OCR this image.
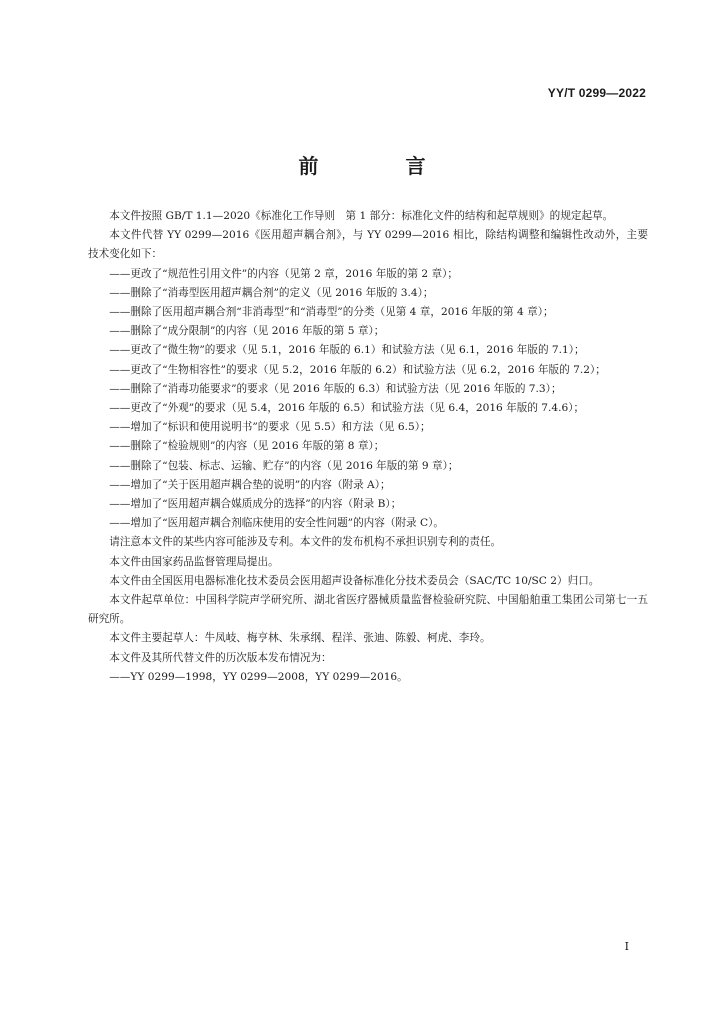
YY/T 0299—2022
前 言

本文件按照 GB/T 1.1—2020《标准化工作导则　第 1 部分：标准化文件的结构和起草规则》的规定起草。

本文件代替 YY 0299—2016《医用超声耦合剂》，与 YY 0299—2016 相比，除结构调整和编辑性改动外，主要技术变化如下：

——更改了“规范性引用文件”的内容（见第 2 章，2016 年版的第 2 章）；

——删除了“消毒型医用超声耦合剂”的定义（见 2016 年版的 3.4）；

——删除了医用超声耦合剂“非消毒型”和“消毒型”的分类（见第 4 章，2016 年版的第 4 章）；

——删除了“成分限制”的内容（见 2016 年版的第 5 章）；

——更改了“微生物”的要求（见 5.1，2016 年版的 6.1）和试验方法（见 6.1，2016 年版的 7.1）；

——更改了“生物相容性”的要求（见 5.2，2016 年版的 6.2）和试验方法（见 6.2，2016 年版的 7.2）；

——删除了“消毒功能要求”的要求（见 2016 年版的 6.3）和试验方法（见 2016 年版的 7.3）；

——更改了“外观”的要求（见 5.4，2016 年版的 6.5）和试验方法（见 6.4，2016 年版的 7.4.6）；

——增加了“标识和使用说明书”的要求（见 5.5）和方法（见 6.5）；

——删除了“检验规则”的内容（见 2016 年版的第 8 章）；

——删除了“包装、标志、运输、贮存”的内容（见 2016 年版的第 9 章）；

——增加了“关于医用超声耦合垫的说明”的内容（附录 A）；

——增加了“医用超声耦合媒质成分的选择”的内容（附录 B）；

——增加了“医用超声耦合剂临床使用的安全性问题”的内容（附录 C）。

请注意本文件的某些内容可能涉及专利。本文件的发布机构不承担识别专利的责任。

本文件由国家药品监督管理局提出。

本文件由全国医用电器标准化技术委员会医用超声设备标准化分技术委员会（SAC/TC 10/SC 2）归口。

本文件起草单位：中国科学院声学研究所、湖北省医疗器械质量监督检验研究院、中国船舶重工集团公司第七一五研究所。

本文件主要起草人：牛凤岐、梅亨林、朱承纲、程洋、张迪、陈毅、柯虎、李玲。

本文件及其所代替文件的历次版本发布情况为：

——YY 0299—1998，YY 0299—2008，YY 0299—2016。

I
